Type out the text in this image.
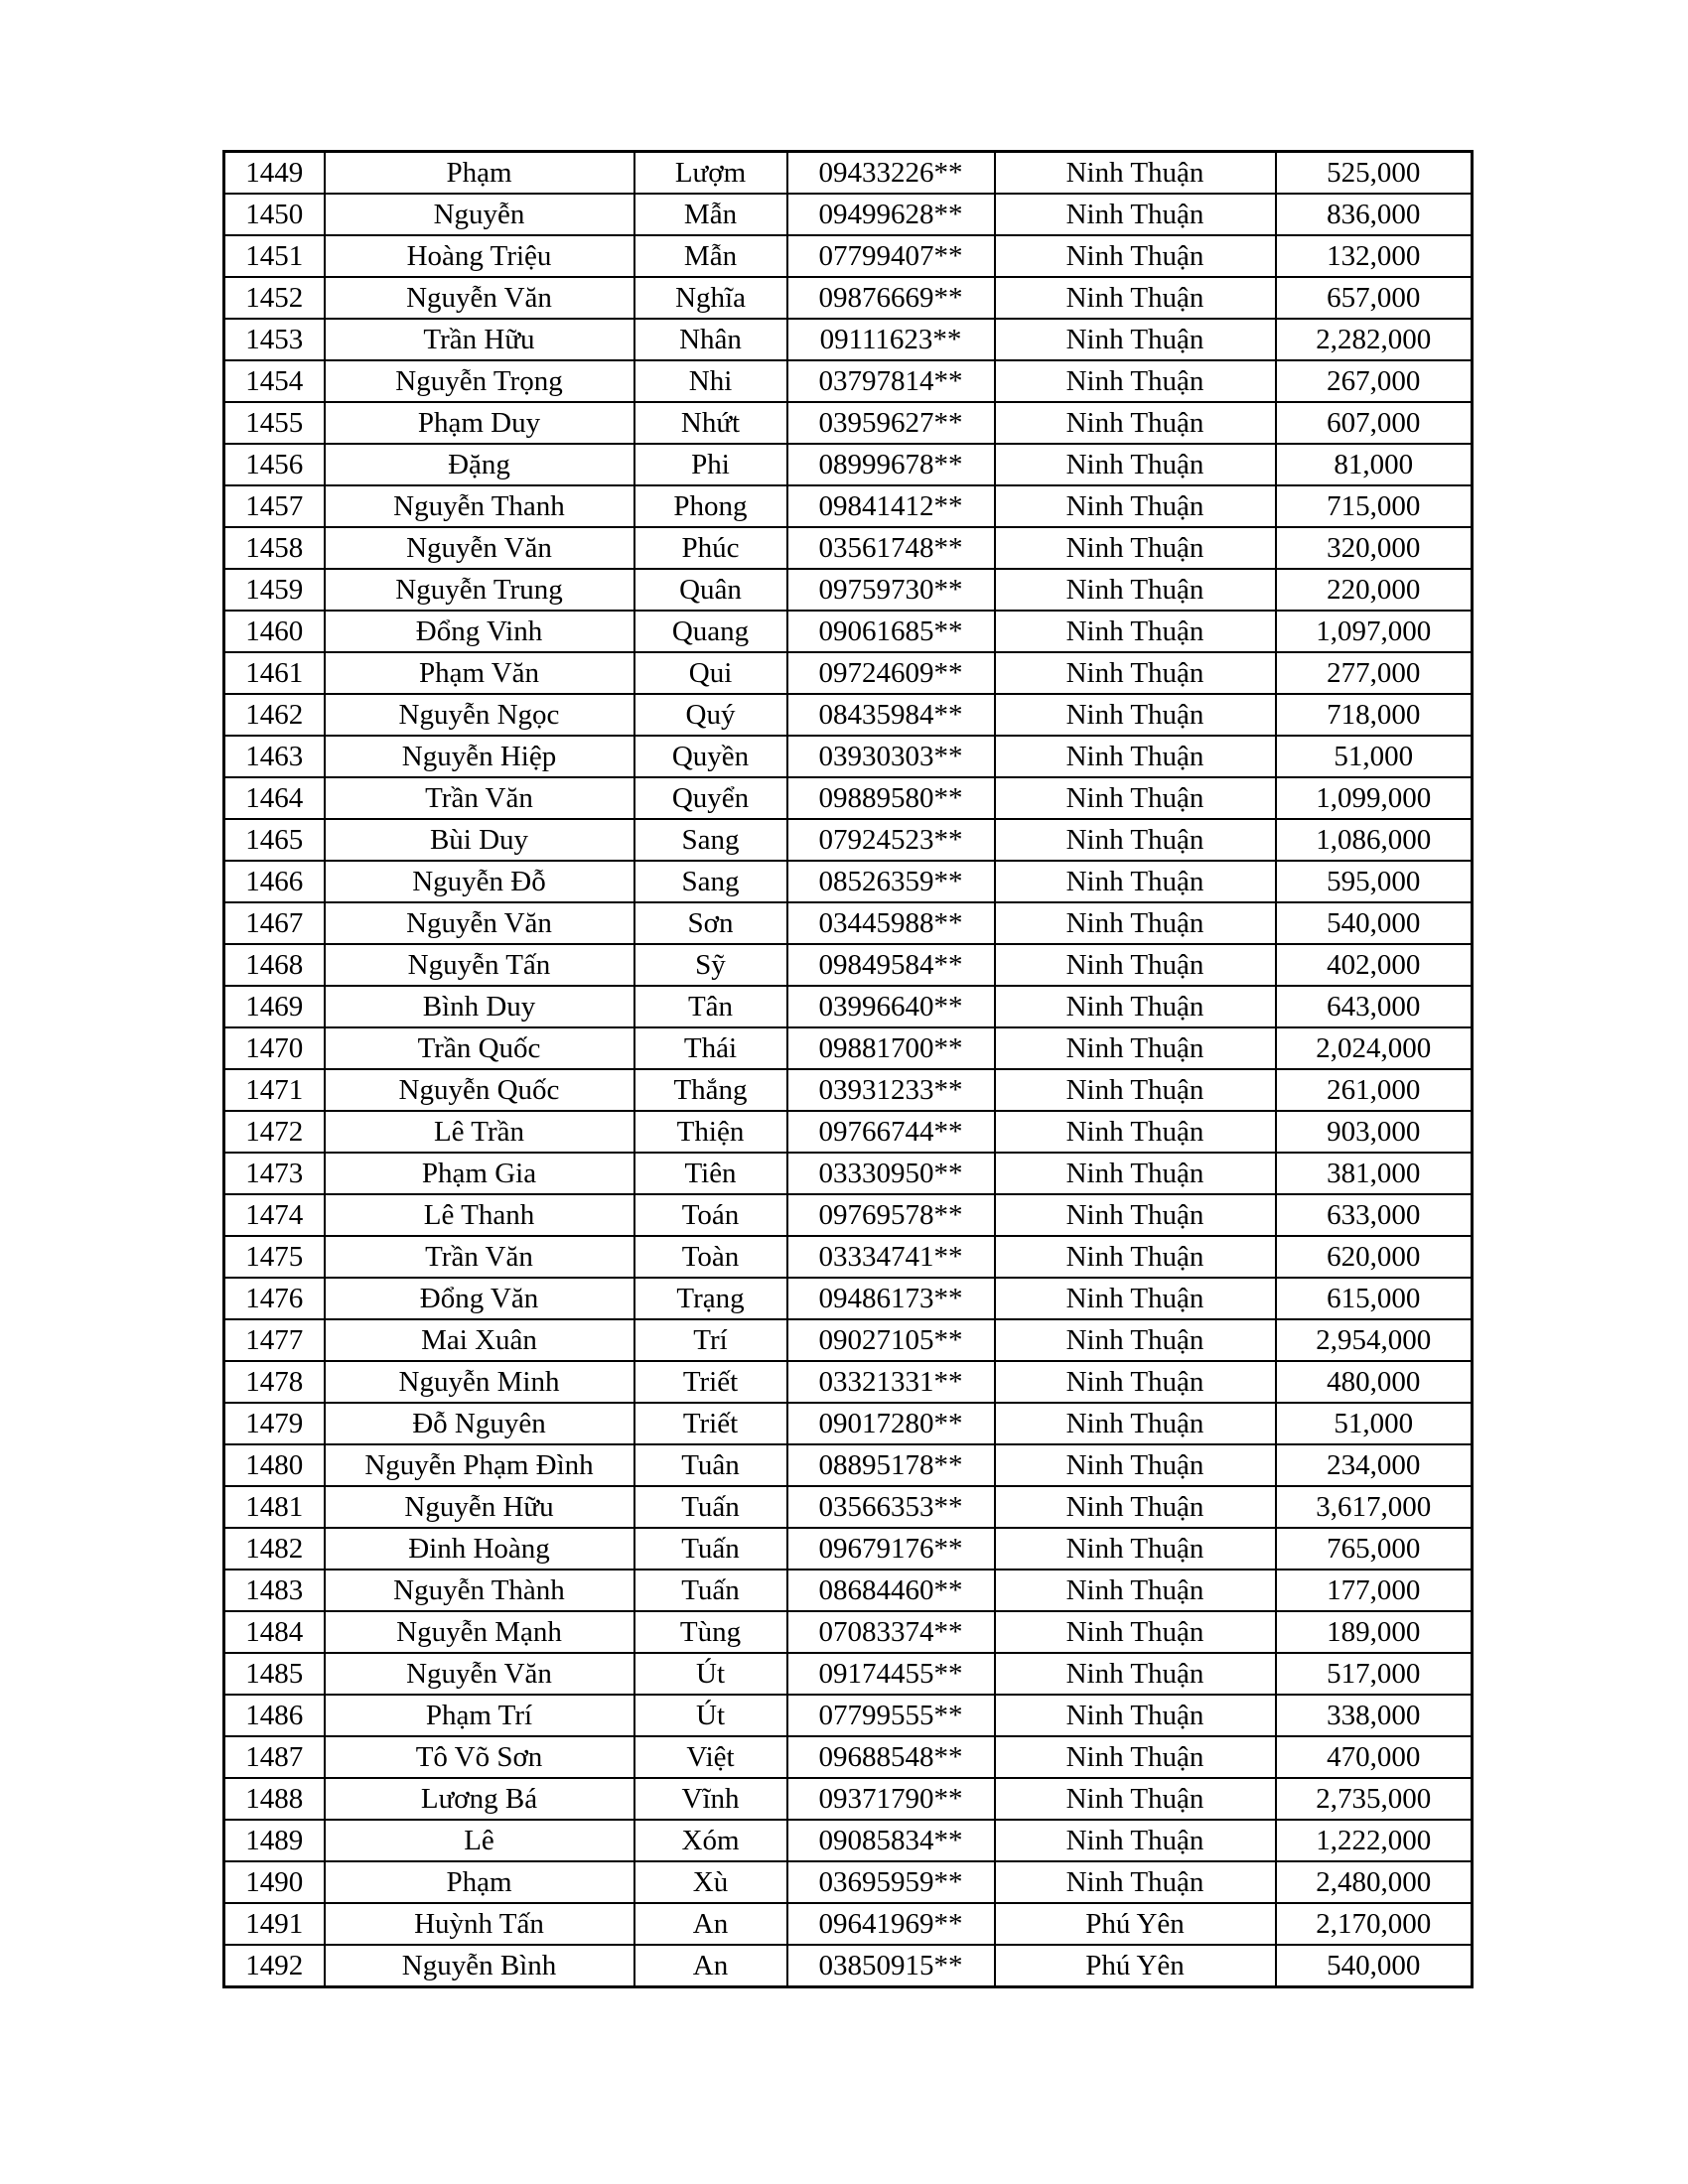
1449	Phạm	Lượm	09433226**	Ninh Thuận	525,000
1450	Nguyễn	Mẫn	09499628**	Ninh Thuận	836,000
1451	Hoàng Triệu	Mẫn	07799407**	Ninh Thuận	132,000
1452	Nguyễn Văn	Nghĩa	09876669**	Ninh Thuận	657,000
1453	Trần Hữu	Nhân	09111623**	Ninh Thuận	2,282,000
1454	Nguyễn Trọng	Nhi	03797814**	Ninh Thuận	267,000
1455	Phạm Duy	Nhứt	03959627**	Ninh Thuận	607,000
1456	Đặng	Phi	08999678**	Ninh Thuận	81,000
1457	Nguyễn Thanh	Phong	09841412**	Ninh Thuận	715,000
1458	Nguyễn Văn	Phúc	03561748**	Ninh Thuận	320,000
1459	Nguyễn Trung	Quân	09759730**	Ninh Thuận	220,000
1460	Đổng Vinh	Quang	09061685**	Ninh Thuận	1,097,000
1461	Phạm Văn	Qui	09724609**	Ninh Thuận	277,000
1462	Nguyễn Ngọc	Quý	08435984**	Ninh Thuận	718,000
1463	Nguyễn Hiệp	Quyền	03930303**	Ninh Thuận	51,000
1464	Trần Văn	Quyển	09889580**	Ninh Thuận	1,099,000
1465	Bùi Duy	Sang	07924523**	Ninh Thuận	1,086,000
1466	Nguyễn Đỗ	Sang	08526359**	Ninh Thuận	595,000
1467	Nguyễn Văn	Sơn	03445988**	Ninh Thuận	540,000
1468	Nguyễn Tấn	Sỹ	09849584**	Ninh Thuận	402,000
1469	Bình Duy	Tân	03996640**	Ninh Thuận	643,000
1470	Trần Quốc	Thái	09881700**	Ninh Thuận	2,024,000
1471	Nguyễn Quốc	Thắng	03931233**	Ninh Thuận	261,000
1472	Lê Trần	Thiện	09766744**	Ninh Thuận	903,000
1473	Phạm Gia	Tiên	03330950**	Ninh Thuận	381,000
1474	Lê Thanh	Toán	09769578**	Ninh Thuận	633,000
1475	Trần Văn	Toàn	03334741**	Ninh Thuận	620,000
1476	Đổng Văn	Trạng	09486173**	Ninh Thuận	615,000
1477	Mai Xuân	Trí	09027105**	Ninh Thuận	2,954,000
1478	Nguyễn Minh	Triết	03321331**	Ninh Thuận	480,000
1479	Đỗ Nguyên	Triết	09017280**	Ninh Thuận	51,000
1480	Nguyễn Phạm Đình	Tuân	08895178**	Ninh Thuận	234,000
1481	Nguyễn Hữu	Tuấn	03566353**	Ninh Thuận	3,617,000
1482	Đinh Hoàng	Tuấn	09679176**	Ninh Thuận	765,000
1483	Nguyễn Thành	Tuấn	08684460**	Ninh Thuận	177,000
1484	Nguyễn Mạnh	Tùng	07083374**	Ninh Thuận	189,000
1485	Nguyễn Văn	Út	09174455**	Ninh Thuận	517,000
1486	Phạm Trí	Út	07799555**	Ninh Thuận	338,000
1487	Tô Võ Sơn	Việt	09688548**	Ninh Thuận	470,000
1488	Lương Bá	Vĩnh	09371790**	Ninh Thuận	2,735,000
1489	Lê	Xóm	09085834**	Ninh Thuận	1,222,000
1490	Phạm	Xù	03695959**	Ninh Thuận	2,480,000
1491	Huỳnh Tấn	An	09641969**	Phú Yên	2,170,000
1492	Nguyễn Bình	An	03850915**	Phú Yên	540,000
